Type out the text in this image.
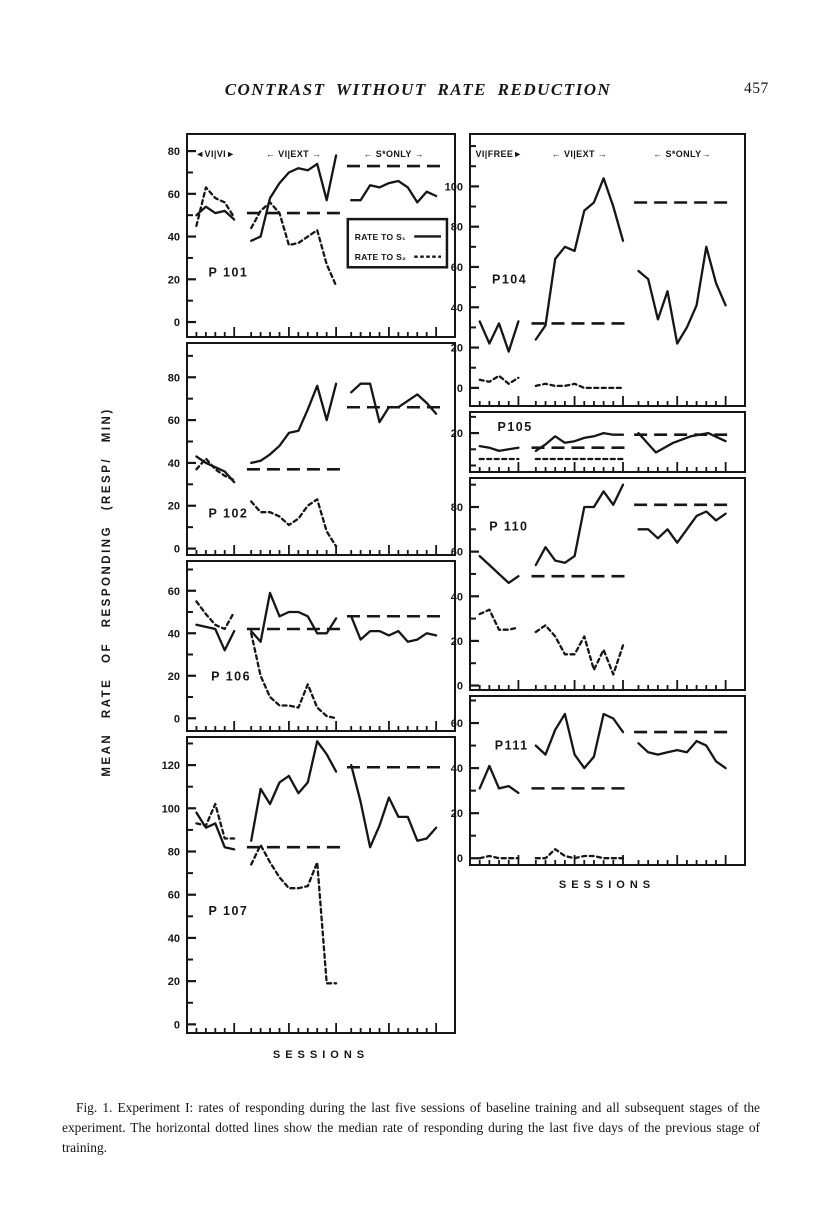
CONTRAST WITHOUT RATE REDUCTION	457
MEAN RATE OF RESPONDING (RESP/ MIN)
0
20
40
60
80 ◄VI|VI►	← VI|EXT →	← S*ONLY →
P 101
RATE TO S₁
RATE TO S₂
0
20
40
60
80
P 102
0
20
40
60
P 106
0
20
40
60
80
100
120
P 107
0
20
40
60
80
100
VI|FREE►	← VI|EXT →	← S*ONLY→
P104
20
P105
0
20
40
60
80
P 110
0
20
40
60
P111
SESSIONS
SESSIONS
Fig. 1. Experiment I: rates of responding during the last five sessions of baseline training and all subsequent stages of the experiment. The horizontal dotted lines show the median rate of responding during the last five days of the previous stage of training.
